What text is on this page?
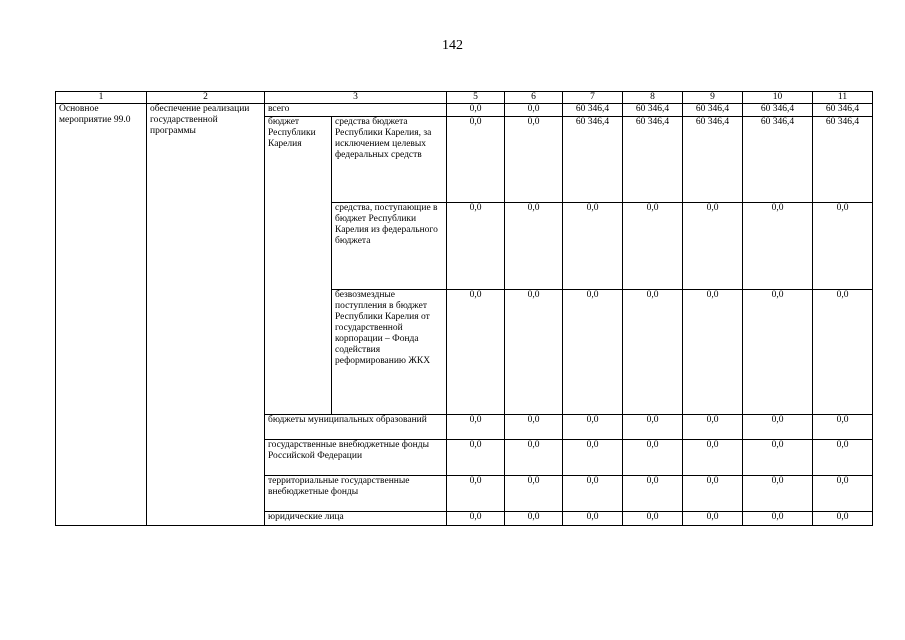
142
1	2	3		5	6	7	8	9	10	11
Основное мероприятие 99.0	обеспечение реализации государственной программы	всего		0,0	0,0	60 346,4	60 346,4	60 346,4	60 346,4	60 346,4
		бюджет Республики Карелия	средства бюджета Республики Карелия, за исключением целевых федеральных средств	0,0	0,0	60 346,4	60 346,4	60 346,4	60 346,4	60 346,4
			средства, поступающие в бюджет Республики Карелия из федерального бюджета	0,0	0,0	0,0	0,0	0,0	0,0	0,0
			безвозмездные поступления в бюджет Республики Карелия от государственной корпорации – Фонда содействия реформированию ЖКХ	0,0	0,0	0,0	0,0	0,0	0,0	0,0
		бюджеты муниципальных образований		0,0	0,0	0,0	0,0	0,0	0,0	0,0
		государственные внебюджетные фонды Российской Федерации		0,0	0,0	0,0	0,0	0,0	0,0	0,0
		территориальные государственные внебюджетные фонды		0,0	0,0	0,0	0,0	0,0	0,0	0,0
		юридические лица		0,0	0,0	0,0	0,0	0,0	0,0	0,0
